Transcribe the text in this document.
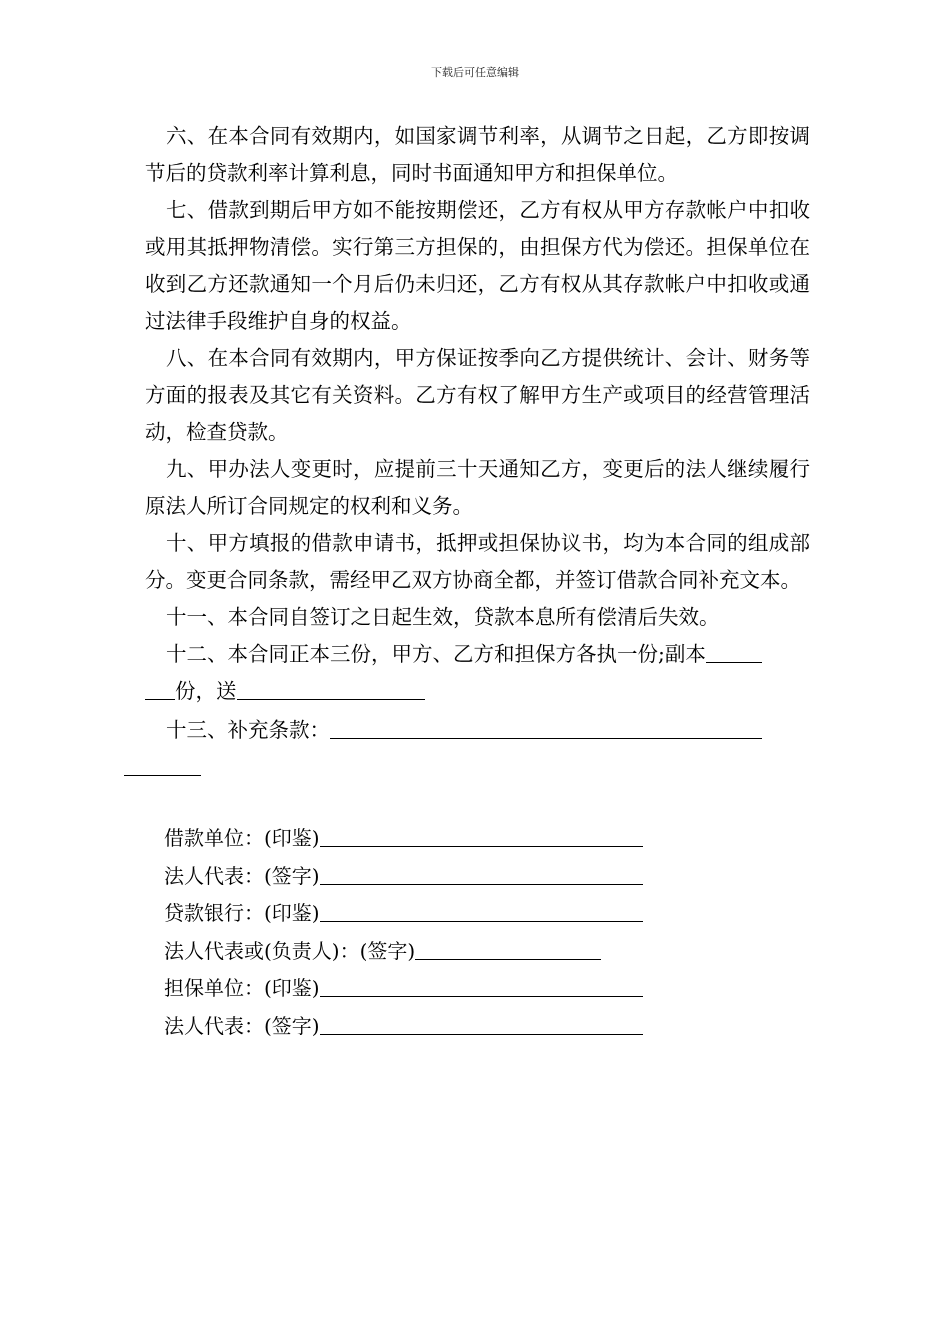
下载后可任意编辑

六、在本合同有效期内，如国家调节利率，从调节之日起，乙方即按调节后的贷款利率计算利息，同时书面通知甲方和担保单位。

七、借款到期后甲方如不能按期偿还，乙方有权从甲方存款帐户中扣收或用其抵押物清偿。实行第三方担保的，由担保方代为偿还。担保单位在收到乙方还款通知一个月后仍未归还，乙方有权从其存款帐户中扣收或通过法律手段维护自身的权益。

八、在本合同有效期内，甲方保证按季向乙方提供统计、会计、财务等方面的报表及其它有关资料。乙方有权了解甲方生产或项目的经营管理活动，检查贷款。

九、甲办法人变更时，应提前三十天通知乙方，变更后的法人继续履行原法人所订合同规定的权利和义务。

十、甲方填报的借款申请书，抵押或担保协议书，均为本合同的组成部分。变更合同条款，需经甲乙双方协商全都，并签订借款合同补充文本。

十一、本合同自签订之日起生效，贷款本息所有偿清后失效。

十二、本合同正本三份，甲方、乙方和担保方各执一份;副本
份，送

十三、补充条款：

借款单位：(印鉴)

法人代表：(签字)

贷款银行：(印鉴)

法人代表或(负责人)：(签字)

担保单位：(印鉴)

法人代表：(签字)
